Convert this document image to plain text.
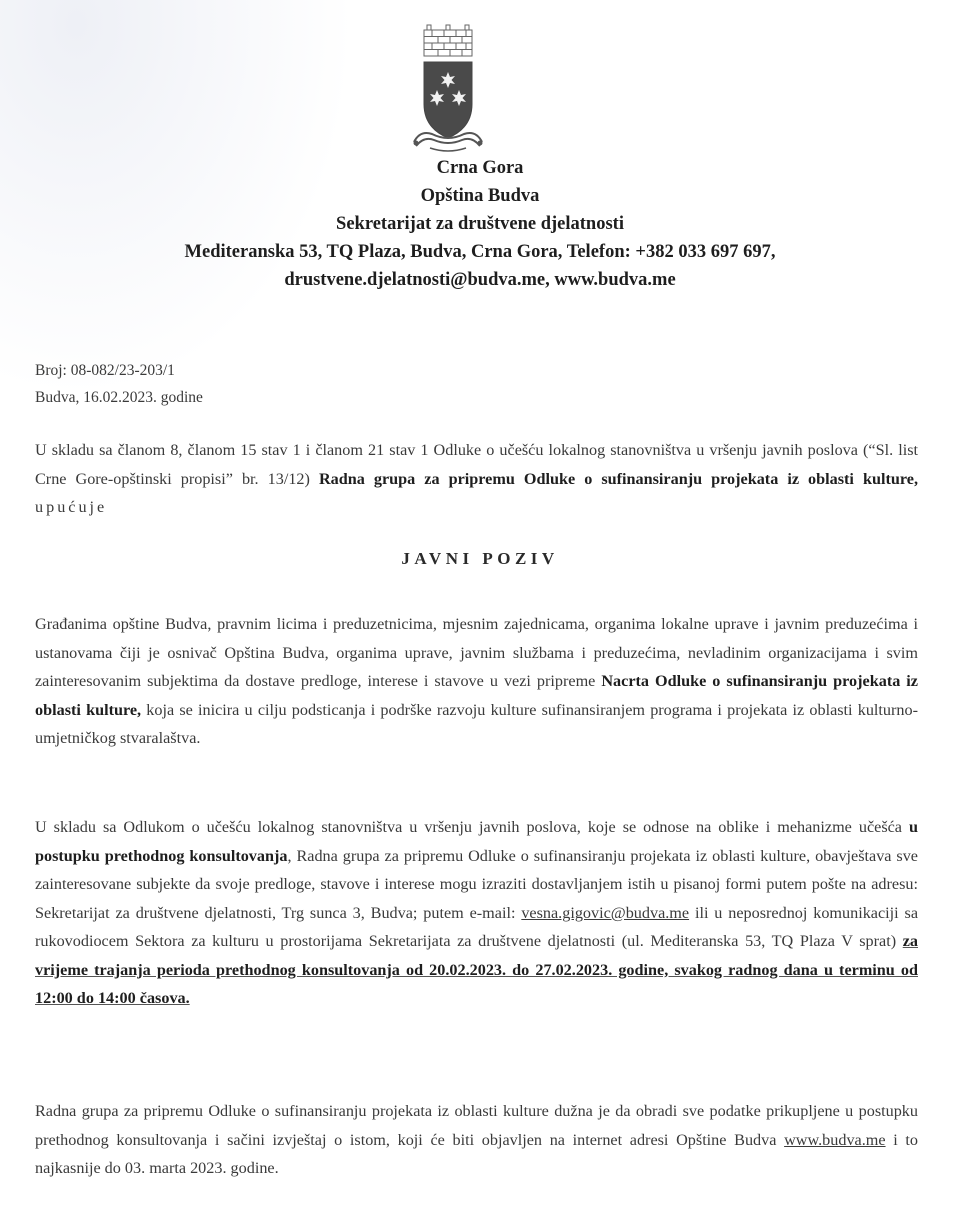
Crna Gora
Opština Budva
Sekretarijat za društvene djelatnosti
Mediteranska 53, TQ Plaza, Budva, Crna Gora, Telefon: +382 033 697 697,
drustvene.djelatnosti@budva.me, www.budva.me
Broj: 08-082/23-203/1
Budva, 16.02.2023. godine
U skladu sa članom 8, članom 15 stav 1 i članom 21 stav 1 Odluke o učešću lokalnog stanovništva u vršenju javnih poslova (“Sl. list Crne Gore-opštinski propisi” br. 13/12) Radna grupa za pripremu Odluke o sufinansiranju projekata iz oblasti kulture, upućuje
JAVNI POZIV
Građanima opštine Budva, pravnim licima i preduzetnicima, mjesnim zajednicama, organima lokalne uprave i javnim preduzećima i ustanovama čiji je osnivač Opština Budva, organima uprave, javnim službama i preduzećima, nevladinim organizacijama i svim zainteresovanim subjektima da dostave predloge, interese i stavove u vezi pripreme Nacrta Odluke o sufinansiranju projekata iz oblasti kulture, koja se inicira u cilju podsticanja i podrške razvoju kulture sufinansiranjem programa i projekata iz oblasti kulturno-umjetničkog stvaralaštva.
U skladu sa Odlukom o učešću lokalnog stanovništva u vršenju javnih poslova, koje se odnose na oblike i mehanizme učešća u postupku prethodnog konsultovanja, Radna grupa za pripremu Odluke o sufinansiranju projekata iz oblasti kulture, obavještava sve zainteresovane subjekte da svoje predloge, stavove i interese mogu izraziti dostavljanjem istih u pisanoj formi putem pošte na adresu: Sekretarijat za društvene djelatnosti, Trg sunca 3, Budva; putem e-mail: vesna.gigovic@budva.me ili u neposrednoj komunikaciji sa rukovodiocem Sektora za kulturu u prostorijama Sekretarijata za društvene djelatnosti (ul. Mediteranska 53, TQ Plaza V sprat) za vrijeme trajanja perioda prethodnog konsultovanja od 20.02.2023. do 27.02.2023. godine, svakog radnog dana u terminu od 12:00 do 14:00 časova.
Radna grupa za pripremu Odluke o sufinansiranju projekata iz oblasti kulture dužna je da obradi sve podatke prikupljene u postupku prethodnog konsultovanja i sačini izvještaj o istom, koji će biti objavljen na internet adresi Opštine Budva www.budva.me i to najkasnije do 03. marta 2023. godine.
